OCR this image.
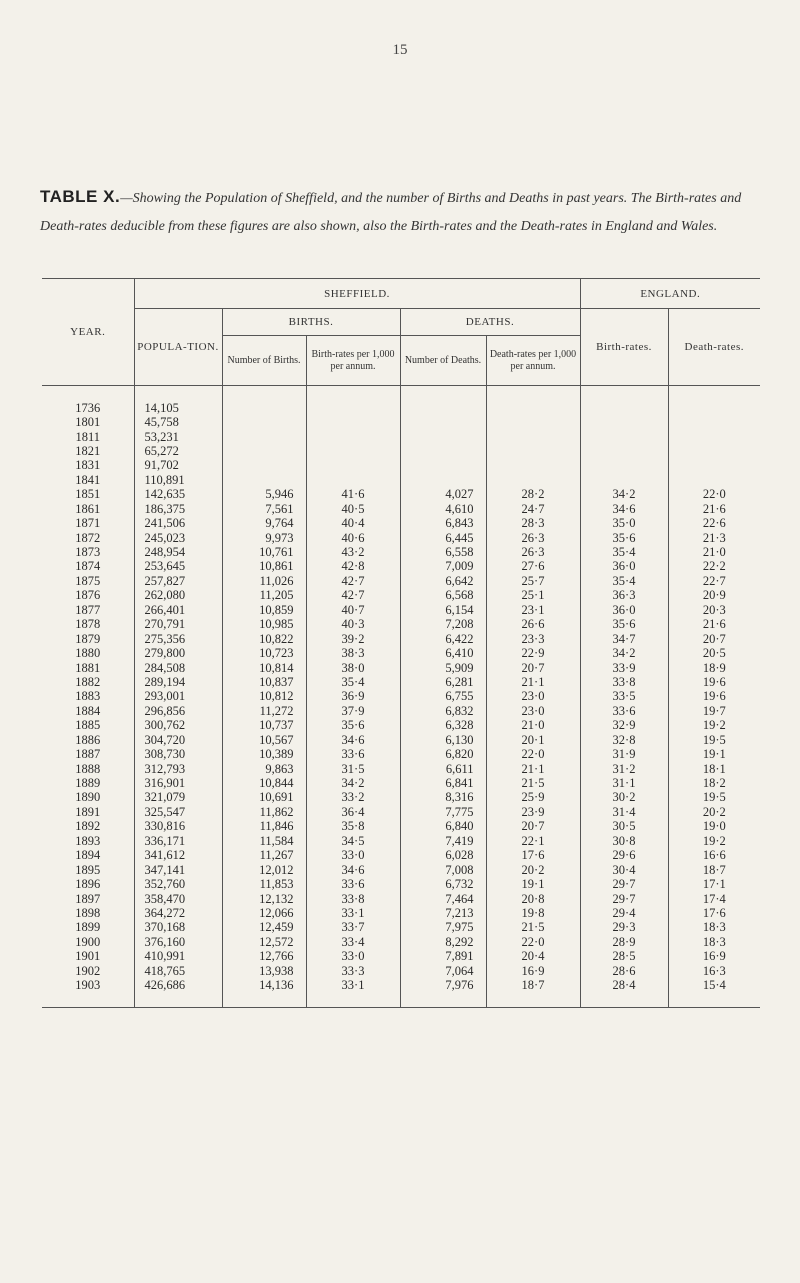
15
TABLE X.—Showing the Population of Sheffield, and the number of Births and Deaths in past years. The Birth-rates and Death-rates deducible from these figures are also shown, also the Birth-rates and the Death-rates in England and Wales.
YEAR.	SHEFFIELD.					ENGLAND.	
	POPULA-TION.	BIRTHS.		DEATHS.		Birth-rates.	Death-rates.
		Number of Births.	Birth-rates per 1,000 per annum.	Number of Deaths.	Death-rates per 1,000 per annum.		

1736	14,105						
1801	45,758						
1811	53,231						
1821	65,272						
1831	91,702						
1841	110,891						
1851	142,635	5,946	41·6	4,027	28·2	34·2	22·0
1861	186,375	7,561	40·5	4,610	24·7	34·6	21·6
1871	241,506	9,764	40·4	6,843	28·3	35·0	22·6
1872	245,023	9,973	40·6	6,445	26·3	35·6	21·3
1873	248,954	10,761	43·2	6,558	26·3	35·4	21·0
1874	253,645	10,861	42·8	7,009	27·6	36·0	22·2
1875	257,827	11,026	42·7	6,642	25·7	35·4	22·7
1876	262,080	11,205	42·7	6,568	25·1	36·3	20·9
1877	266,401	10,859	40·7	6,154	23·1	36·0	20·3
1878	270,791	10,985	40·3	7,208	26·6	35·6	21·6
1879	275,356	10,822	39·2	6,422	23·3	34·7	20·7
1880	279,800	10,723	38·3	6,410	22·9	34·2	20·5
1881	284,508	10,814	38·0	5,909	20·7	33·9	18·9
1882	289,194	10,837	35·4	6,281	21·1	33·8	19·6
1883	293,001	10,812	36·9	6,755	23·0	33·5	19·6
1884	296,856	11,272	37·9	6,832	23·0	33·6	19·7
1885	300,762	10,737	35·6	6,328	21·0	32·9	19·2
1886	304,720	10,567	34·6	6,130	20·1	32·8	19·5
1887	308,730	10,389	33·6	6,820	22·0	31·9	19·1
1888	312,793	9,863	31·5	6,611	21·1	31·2	18·1
1889	316,901	10,844	34·2	6,841	21·5	31·1	18·2
1890	321,079	10,691	33·2	8,316	25·9	30·2	19·5
1891	325,547	11,862	36·4	7,775	23·9	31·4	20·2
1892	330,816	11,846	35·8	6,840	20·7	30·5	19·0
1893	336,171	11,584	34·5	7,419	22·1	30·8	19·2
1894	341,612	11,267	33·0	6,028	17·6	29·6	16·6
1895	347,141	12,012	34·6	7,008	20·2	30·4	18·7
1896	352,760	11,853	33·6	6,732	19·1	29·7	17·1
1897	358,470	12,132	33·8	7,464	20·8	29·7	17·4
1898	364,272	12,066	33·1	7,213	19·8	29·4	17·6
1899	370,168	12,459	33·7	7,975	21·5	29·3	18·3
1900	376,160	12,572	33·4	8,292	22·0	28·9	18·3
1901	410,991	12,766	33·0	7,891	20·4	28·5	16·9
1902	418,765	13,938	33·3	7,064	16·9	28·6	16·3
1903	426,686	14,136	33·1	7,976	18·7	28·4	15·4
